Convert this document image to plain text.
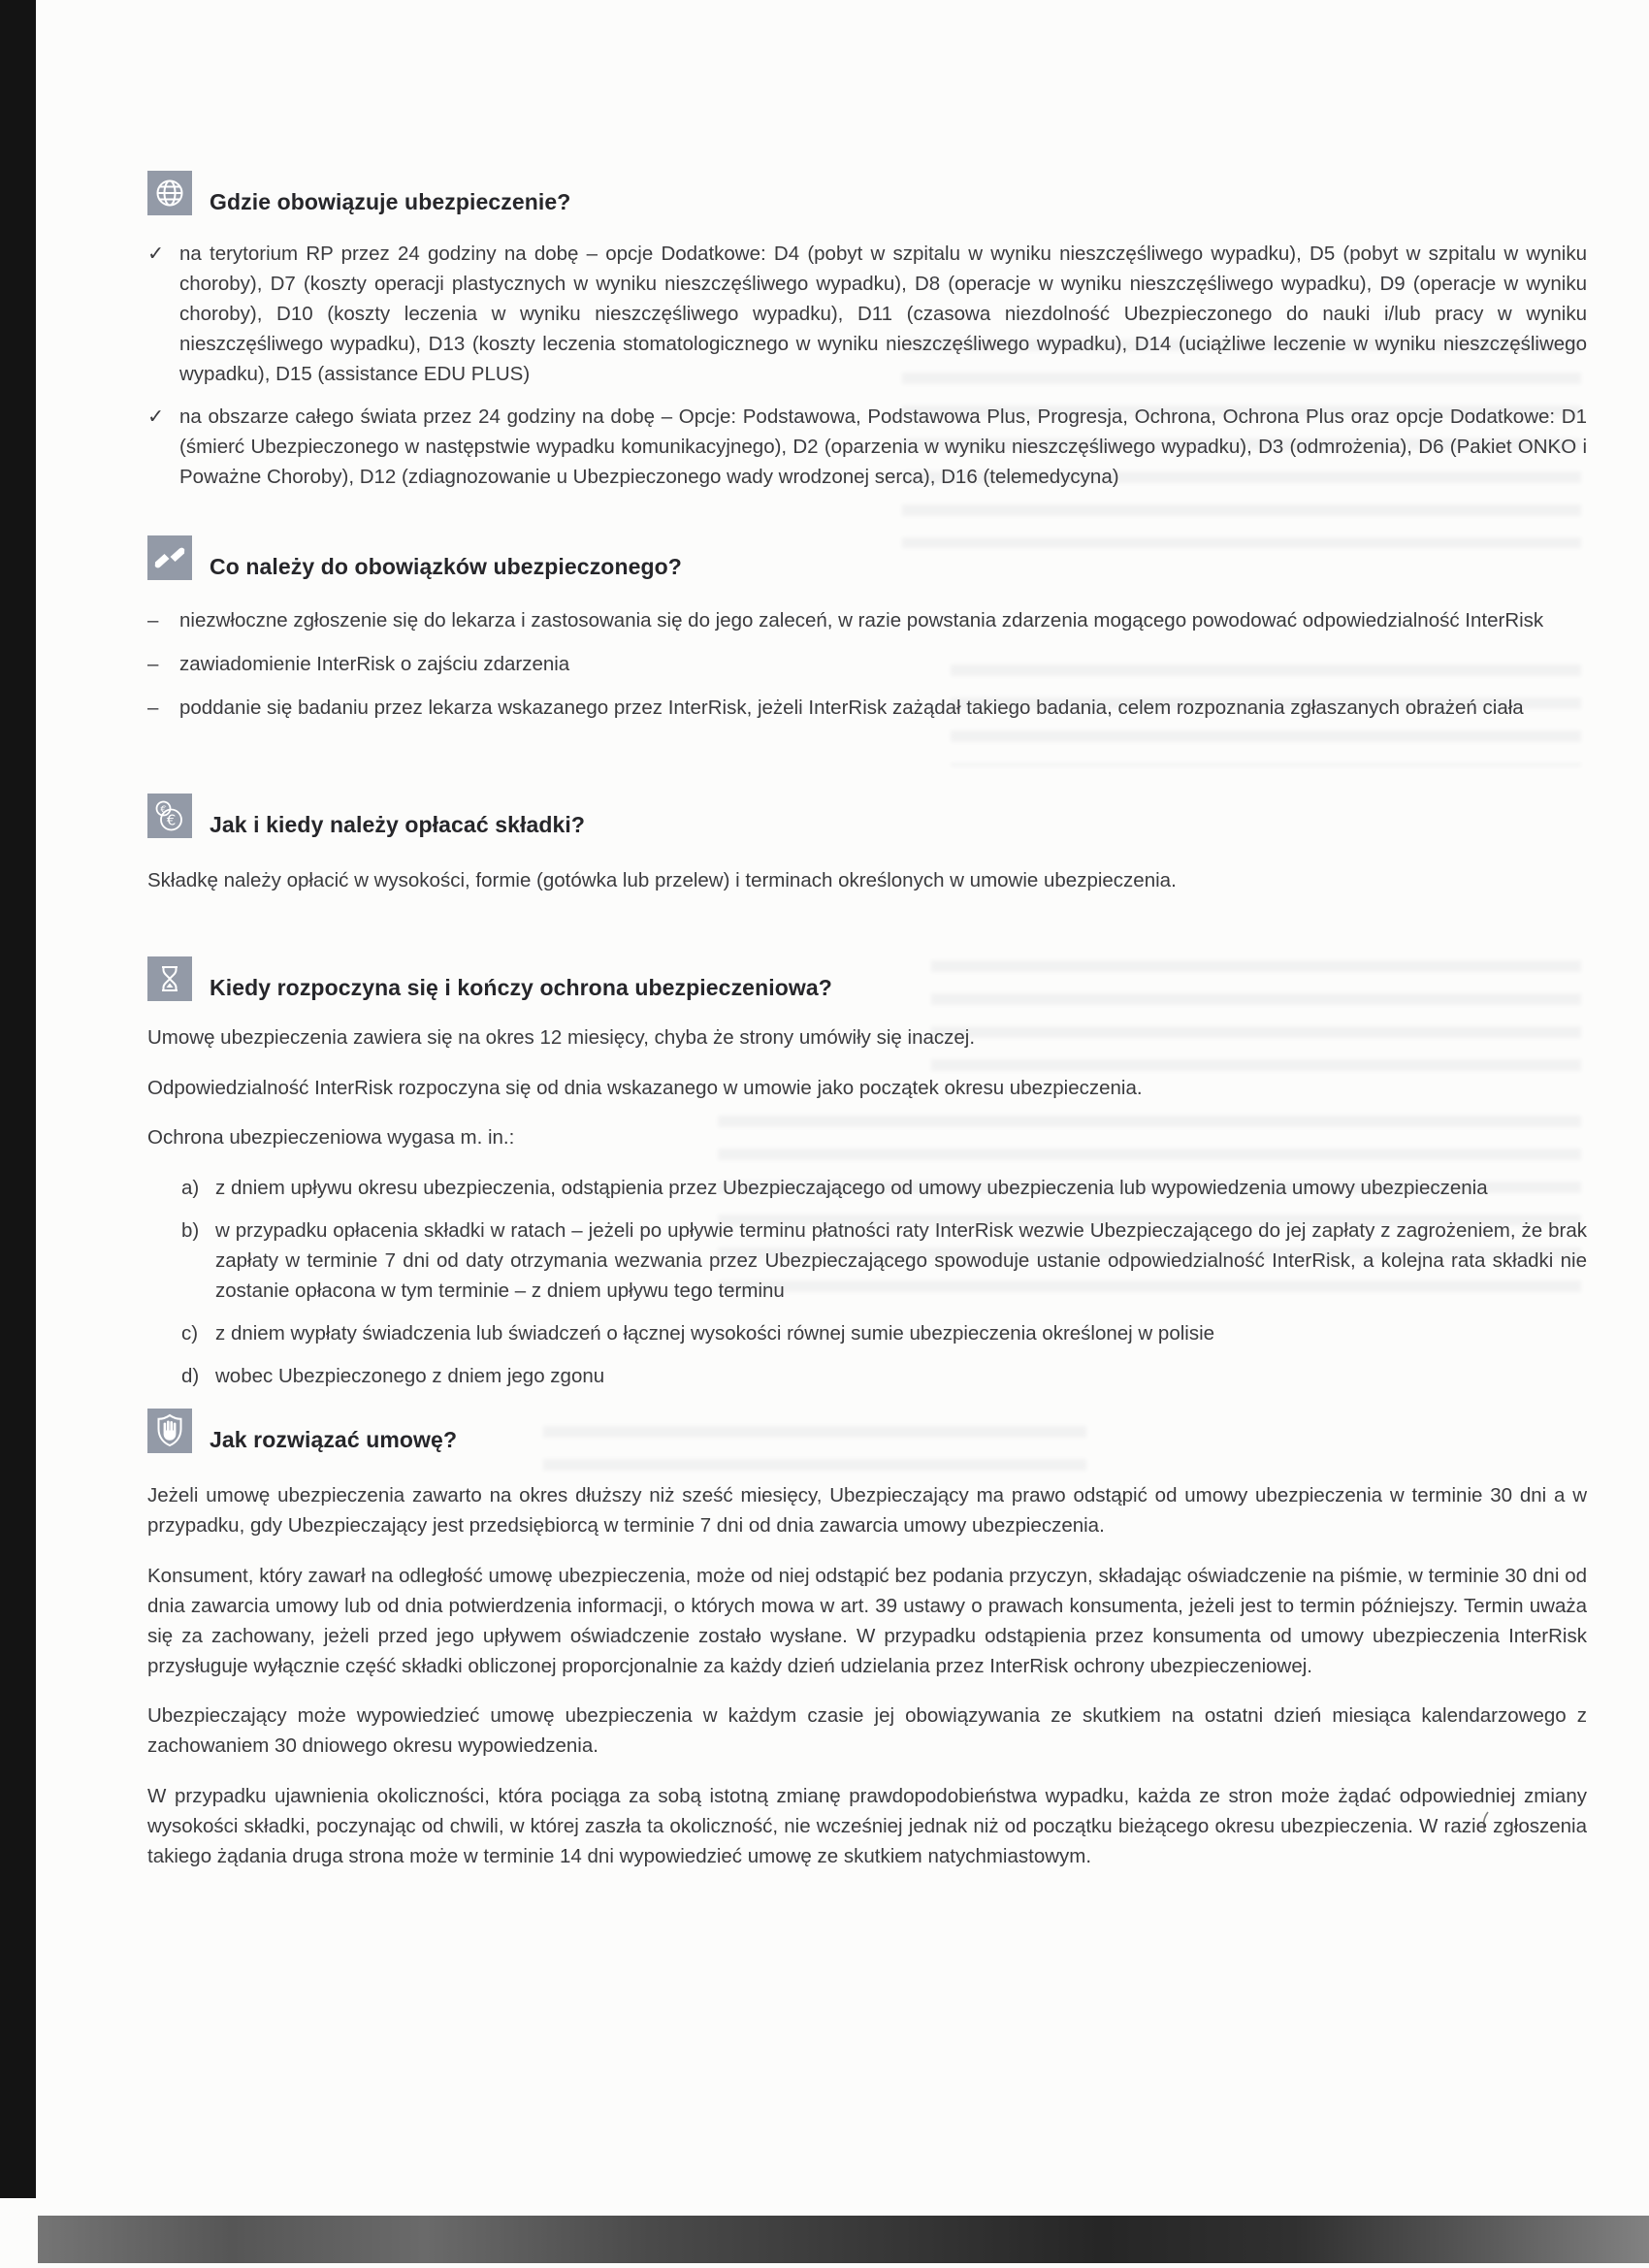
Gdzie obowiązuje ubezpieczenie?
✓ na terytorium RP przez 24 godziny na dobę – opcje Dodatkowe: D4 (pobyt w szpitalu w wyniku nieszczęśliwego wypadku), D5 (pobyt w szpitalu w wyniku choroby), D7 (koszty operacji plastycznych w wyniku nieszczęśliwego wypadku), D8 (operacje w wyniku nieszczęśliwego wypadku), D9 (operacje w wyniku choroby), D10 (koszty leczenia w wyniku nieszczęśliwego wypadku), D11 (czasowa niezdolność Ubezpieczonego do nauki i/lub pracy w wyniku nieszczęśliwego wypadku), D13 (koszty leczenia stomatologicznego w wyniku nieszczęśliwego wypadku), D14 (uciążliwe leczenie w wyniku nieszczęśliwego wypadku), D15 (assistance EDU PLUS)
✓ na obszarze całego świata przez 24 godziny na dobę – Opcje: Podstawowa, Podstawowa Plus, Progresja, Ochrona, Ochrona Plus oraz opcje Dodatkowe: D1 (śmierć Ubezpieczonego w następstwie wypadku komunikacyjnego), D2 (oparzenia w wyniku nieszczęśliwego wypadku), D3 (odmrożenia), D6 (Pakiet ONKO i Poważne Choroby), D12 (zdiagnozowanie u Ubezpieczonego wady wrodzonej serca), D16 (telemedycyna)
Co należy do obowiązków ubezpieczonego?
–	niezwłoczne zgłoszenie się do lekarza i zastosowania się do jego zaleceń, w razie powstania zdarzenia mogącego powodować odpowiedzialność InterRisk
–	zawiadomienie InterRisk o zajściu zdarzenia
–	poddanie się badaniu przez lekarza wskazanego przez InterRisk, jeżeli InterRisk zażądał takiego badania, celem rozpoznania zgłaszanych obrażeń ciała
€
€ Jak i kiedy należy opłacać składki?

Składkę należy opłacić w wysokości, formie (gotówka lub przelew) i terminach określonych w umowie ubezpieczenia.

Kiedy rozpoczyna się i kończy ochrona ubezpieczeniowa?

Umowę ubezpieczenia zawiera się na okres 12 miesięcy, chyba że strony umówiły się inaczej.

Odpowiedzialność InterRisk rozpoczyna się od dnia wskazanego w umowie jako początek okresu ubezpieczenia.

Ochrona ubezpieczeniowa wygasa m. in.:

a) z dniem upływu okresu ubezpieczenia, odstąpienia przez Ubezpieczającego od umowy ubezpieczenia lub wypowiedzenia umowy ubezpieczenia
b) w przypadku opłacenia składki w ratach – jeżeli po upływie terminu płatności raty InterRisk wezwie Ubezpieczającego do jej zapłaty z zagrożeniem, że brak zapłaty w terminie 7 dni od daty otrzymania wezwania przez Ubezpieczającego spowoduje ustanie odpowiedzialność InterRisk, a kolejna rata składki nie zostanie opłacona w tym terminie – z dniem upływu tego terminu
c) z dniem wypłaty świadczenia lub świadczeń o łącznej wysokości równej sumie ubezpieczenia określonej w polisie
d) wobec Ubezpieczonego z dniem jego zgonu
Jak rozwiązać umowę?

Jeżeli umowę ubezpieczenia zawarto na okres dłuższy niż sześć miesięcy, Ubezpieczający ma prawo odstąpić od umowy ubezpieczenia w terminie 30 dni a w przypadku, gdy Ubezpieczający jest przedsiębiorcą w terminie 7 dni od dnia zawarcia umowy ubezpieczenia.

Konsument, który zawarł na odległość umowę ubezpieczenia, może od niej odstąpić bez podania przyczyn, składając oświadczenie na piśmie, w terminie 30 dni od dnia zawarcia umowy lub od dnia potwierdzenia informacji, o których mowa w art. 39 ustawy o prawach konsumenta, jeżeli jest to termin późniejszy. Termin uważa się za zachowany, jeżeli przed jego upływem oświadczenie zostało wysłane. W przypadku odstąpienia przez konsumenta od umowy ubezpieczenia InterRisk przysługuje wyłącznie część składki obliczonej proporcjonalnie za każdy dzień udzielania przez InterRisk ochrony ubezpieczeniowej.

Ubezpieczający może wypowiedzieć umowę ubezpieczenia w każdym czasie jej obowiązywania ze skutkiem na ostatni dzień miesiąca kalendarzowego z zachowaniem 30 dniowego okresu wypowiedzenia.

W przypadku ujawnienia okoliczności, która pociąga za sobą istotną zmianę prawdopodobieństwa wypadku, każda ze stron może żądać odpowiedniej zmiany wysokości składki, poczynając od chwili, w której zaszła ta okoliczność, nie wcześniej jednak niż od początku bieżącego okresu ubezpieczenia. W razie zgłoszenia takiego żądania druga strona może w terminie 14 dni wypowiedzieć umowę ze skutkiem natychmiastowym.
